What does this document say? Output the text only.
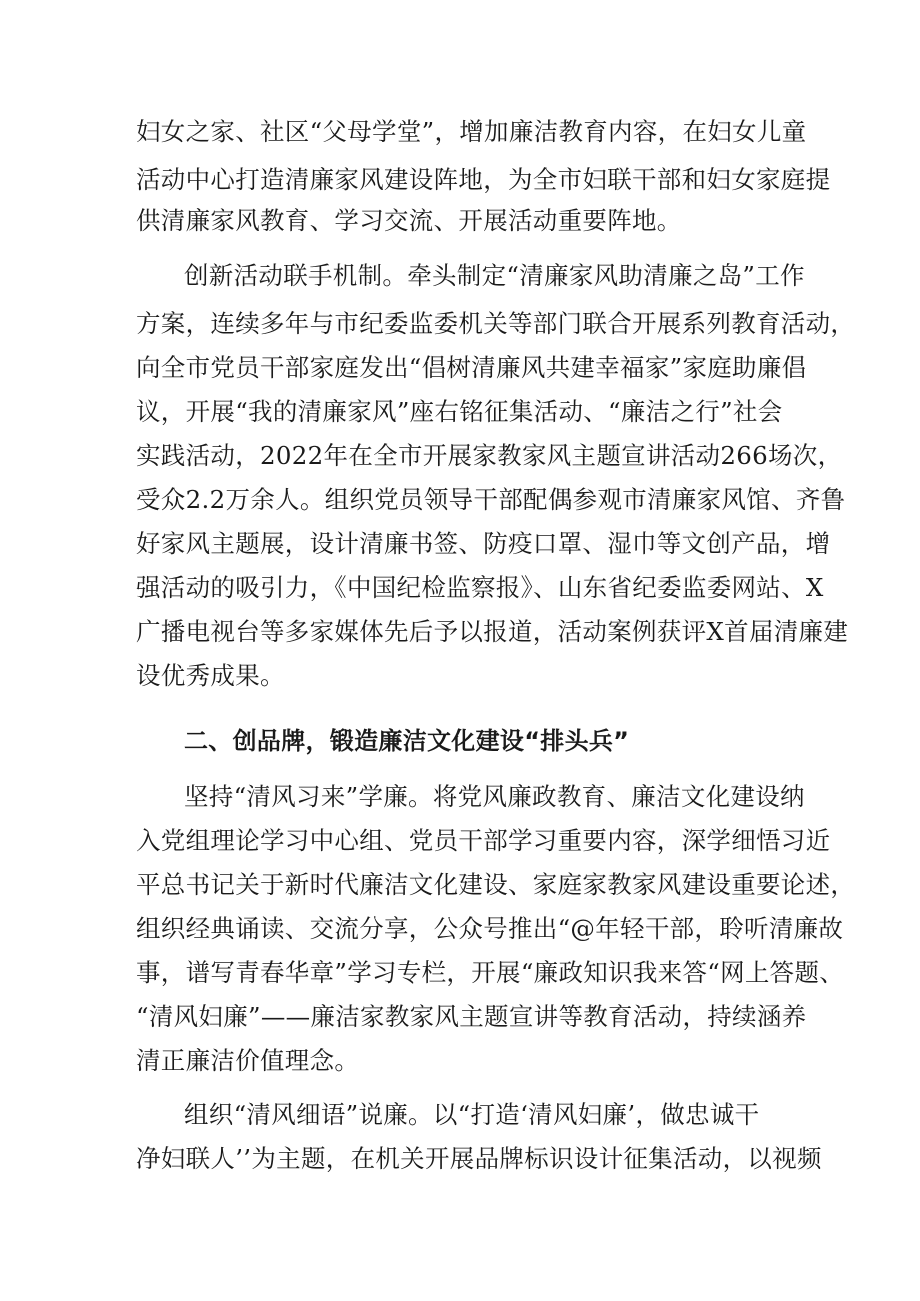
妇女之家、社区“父母学堂”，增加廉洁教育内容，在妇女儿童
活动中心打造清廉家风建设阵地，为全市妇联干部和妇女家庭提
供清廉家风教育、学习交流、开展活动重要阵地。
创新活动联手机制。牵头制定“清廉家风助清廉之岛”工作
方案，连续多年与市纪委监委机关等部门联合开展系列教育活动，
向全市党员干部家庭发出“倡树清廉风共建幸福家”家庭助廉倡
议，开展“我的清廉家风”座右铭征集活动、“廉洁之行”社会
实践活动，2022年在全市开展家教家风主题宣讲活动266场次，
受众2.2万余人。组织党员领导干部配偶参观市清廉家风馆、齐鲁
好家风主题展，设计清廉书签、防疫口罩、湿巾等文创产品，增
强活动的吸引力，《中国纪检监察报》、山东省纪委监委网站、X
广播电视台等多家媒体先后予以报道，活动案例获评X首届清廉建
设优秀成果。
二、创品牌，锻造廉洁文化建设“排头兵”
坚持“清风习来”学廉。将党风廉政教育、廉洁文化建设纳
入党组理论学习中心组、党员干部学习重要内容，深学细悟习近
平总书记关于新时代廉洁文化建设、家庭家教家风建设重要论述，
组织经典诵读、交流分享，公众号推出“@年轻干部，聆听清廉故
事，谱写青春华章”学习专栏，开展“廉政知识我来答“网上答题、
“清风妇廉”——廉洁家教家风主题宣讲等教育活动，持续涵养
清正廉洁价值理念。
组织“清风细语”说廉。以“打造‘清风妇廉’，做忠诚干
净妇联人’’为主题，在机关开展品牌标识设计征集活动，以视频
